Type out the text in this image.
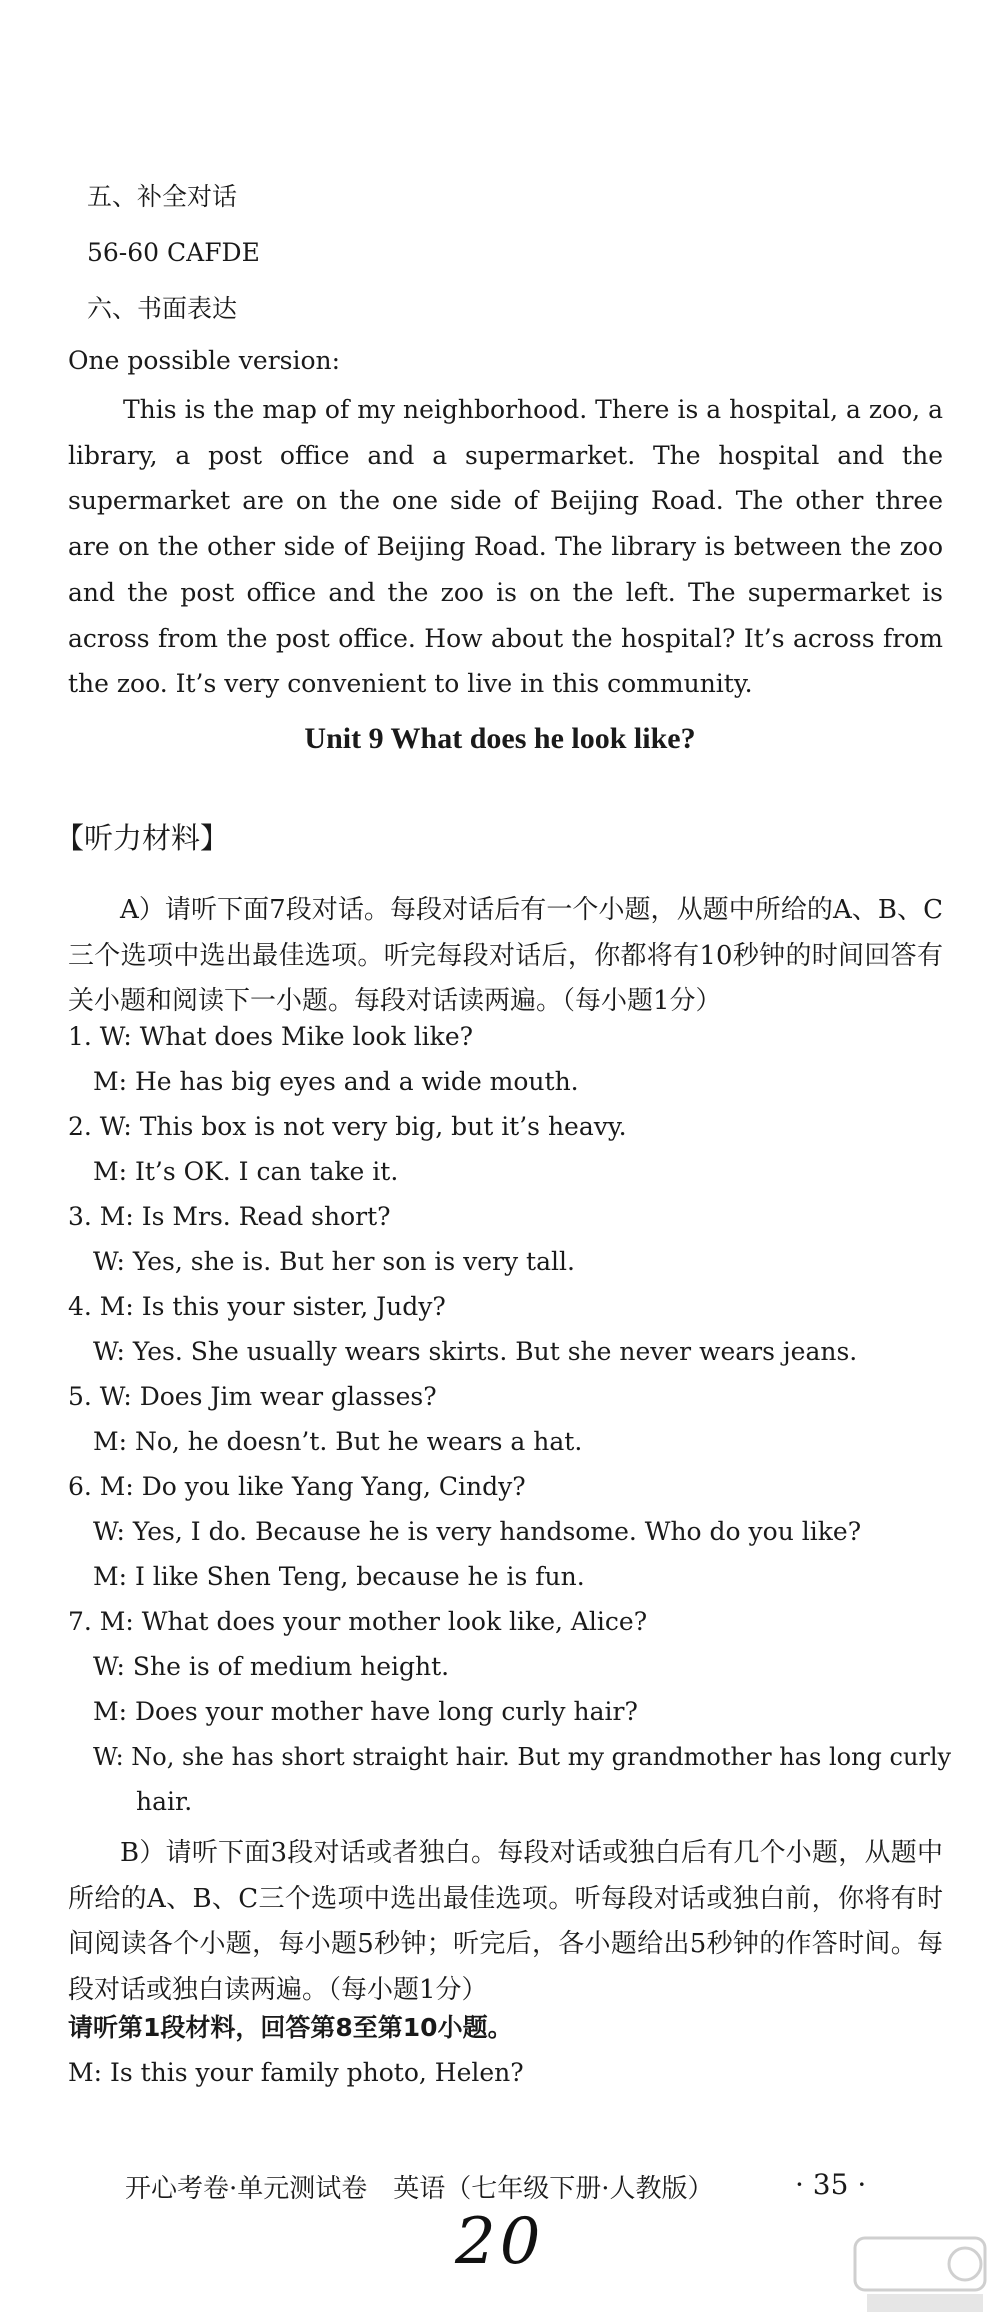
五、补全对话
56-60 CAFDE
六、书面表达
One possible version:

This is the map of my neighborhood. There is a hospital, a zoo, a library, a post office and a supermarket. The hospital and the supermarket are on the one side of Beijing Road. The other three are on the other side of Beijing Road. The library is between the zoo and the post office and the zoo is on the left. The supermarket is across from the post office. How about the hospital? It’s across from the zoo. It’s very convenient to live in this community.

Unit 9 What does he look like?
【听力材料】

A）请听下面7段对话。每段对话后有一个小题，从题中所给的A、B、C三个选项中选出最佳选项。听完每段对话后，你都将有10秒钟的时间回答有关小题和阅读下一小题。每段对话读两遍。（每小题1分）

1. W: What does Mike look like?
M: He has big eyes and a wide mouth.
2. W: This box is not very big, but it’s heavy.
M: It’s OK. I can take it.
3. M: Is Mrs. Read short?
W: Yes, she is. But her son is very tall.
4. M: Is this your sister, Judy?
W: Yes. She usually wears skirts. But she never wears jeans.
5. W: Does Jim wear glasses?
M: No, he doesn’t. But he wears a hat.
6. M: Do you like Yang Yang, Cindy?
W: Yes, I do. Because he is very handsome. Who do you like?
M: I like Shen Teng, because he is fun.
7. M: What does your mother look like, Alice?
W: She is of medium height.
M: Does your mother have long curly hair?
W: No, she has short straight hair. But my grandmother has long curly
hair.

B）请听下面3段对话或者独白。每段对话或独白后有几个小题，从题中所给的A、B、C三个选项中选出最佳选项。听每段对话或独白前，你将有时间阅读各个小题，每小题5秒钟；听完后，各小题给出5秒钟的作答时间。每段对话或独白读两遍。（每小题1分）

请听第1段材料，回答第8至第10小题。
M: Is this your family photo, Helen?
开心考卷·单元测试卷　英语（七年级下册·人教版）	· 35 ·
20
